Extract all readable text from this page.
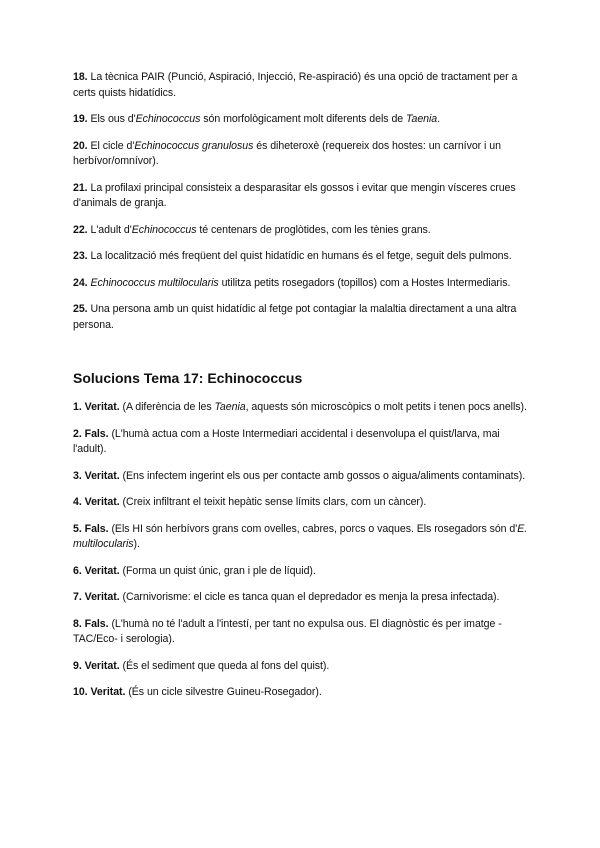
18. La tècnica PAIR (Punció, Aspiració, Injecció, Re-aspiració) és una opció de tractament per a certs quists hidatídics.

19. Els ous d'Echinococcus són morfològicament molt diferents dels de Taenia.

20. El cicle d'Echinococcus granulosus és diheteroxè (requereix dos hostes: un carnívor i un herbívor/omnívor).

21. La profilaxi principal consisteix a desparasitar els gossos i evitar que mengin vísceres crues d'animals de granja.

22. L'adult d'Echinococcus té centenars de proglòtides, com les tènies grans.

23. La localització més freqüent del quist hidatídic en humans és el fetge, seguit dels pulmons.

24. Echinococcus multilocularis utilitza petits rosegadors (topillos) com a Hostes Intermediaris.

25. Una persona amb un quist hidatídic al fetge pot contagiar la malaltia directament a una altra persona.

Solucions Tema 17: Echinococcus

1. Veritat. (A diferència de les Taenia, aquests són microscòpics o molt petits i tenen pocs anells).

2. Fals. (L'humà actua com a Hoste Intermediari accidental i desenvolupa el quist/larva, mai l'adult).

3. Veritat. (Ens infectem ingerint els ous per contacte amb gossos o aigua/aliments contaminats).

4. Veritat. (Creix infiltrant el teixit hepàtic sense límits clars, com un càncer).

5. Fals. (Els HI són herbívors grans com ovelles, cabres, porcs o vaques. Els rosegadors són d'E. multilocularis).

6. Veritat. (Forma un quist únic, gran i ple de líquid).

7. Veritat. (Carnivorisme: el cicle es tanca quan el depredador es menja la presa infectada).

8. Fals. (L'humà no té l'adult a l'intestí, per tant no expulsa ous. El diagnòstic és per imatge -TAC/Eco- i serologia).

9. Veritat. (És el sediment que queda al fons del quist).

10. Veritat. (És un cicle silvestre Guineu-Rosegador).
